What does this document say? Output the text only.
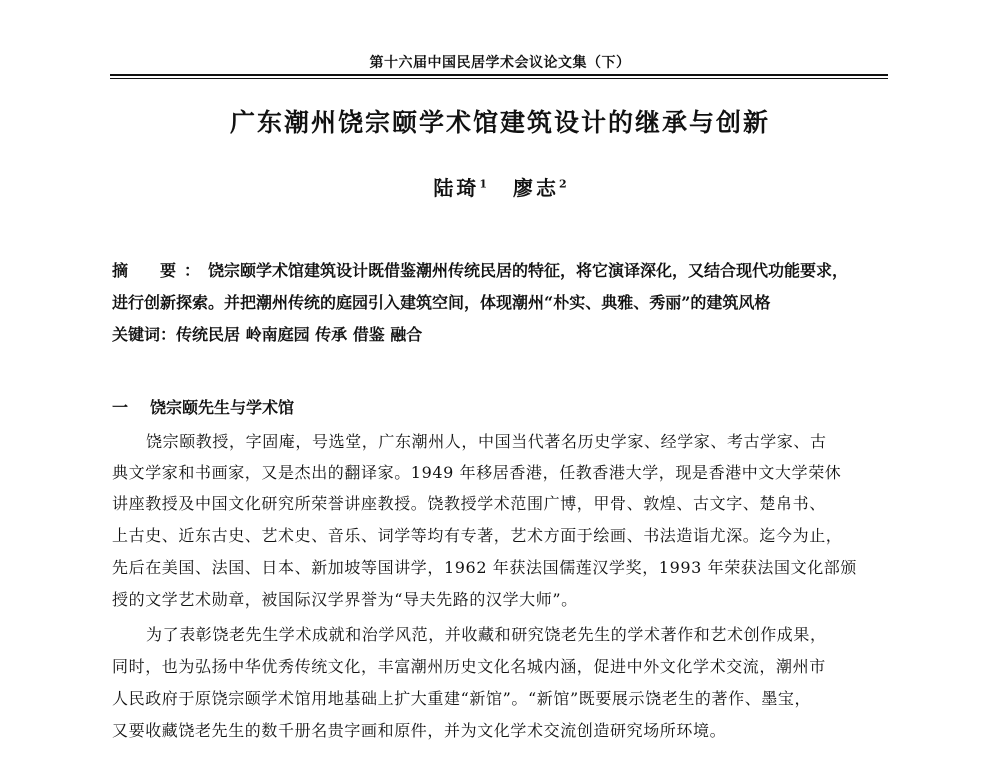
第十六届中国民居学术会议论文集（下）
广东潮州饶宗颐学术馆建筑设计的继承与创新
陆琦$^1$ 廖志$^2$
摘　要：饶宗颐学术馆建筑设计既借鉴潮州传统民居的特征，将它演译深化，又结合现代功能要求，
进行创新探索。并把潮州传统的庭园引入建筑空间，体现潮州“朴实、典雅、秀丽”的建筑风格
关键词：传统民居 岭南庭园 传承 借鉴 融合
一 饶宗颐先生与学术馆
饶宗颐教授，字固庵，号选堂，广东潮州人，中国当代著名历史学家、经学家、考古学家、古
典文学家和书画家，又是杰出的翻译家。1949 年移居香港，任教香港大学，现是香港中文大学荣休
讲座教授及中国文化研究所荣誉讲座教授。饶教授学术范围广博，甲骨、敦煌、古文字、楚帛书、
上古史、近东古史、艺术史、音乐、词学等均有专著，艺术方面于绘画、书法造诣尤深。迄今为止，
先后在美国、法国、日本、新加坡等国讲学，1962 年获法国儒莲汉学奖，1993 年荣获法国文化部颁
授的文学艺术勋章，被国际汉学界誉为“导夫先路的汉学大师”。
为了表彰饶老先生学术成就和治学风范，并收藏和研究饶老先生的学术著作和艺术创作成果，
同时，也为弘扬中华优秀传统文化，丰富潮州历史文化名城内涵，促进中外文化学术交流，潮州市
人民政府于原饶宗颐学术馆用地基础上扩大重建“新馆”。“新馆”既要展示饶老生的著作、墨宝，
又要收藏饶老先生的数千册名贵字画和原件，并为文化学术交流创造研究场所环境。
